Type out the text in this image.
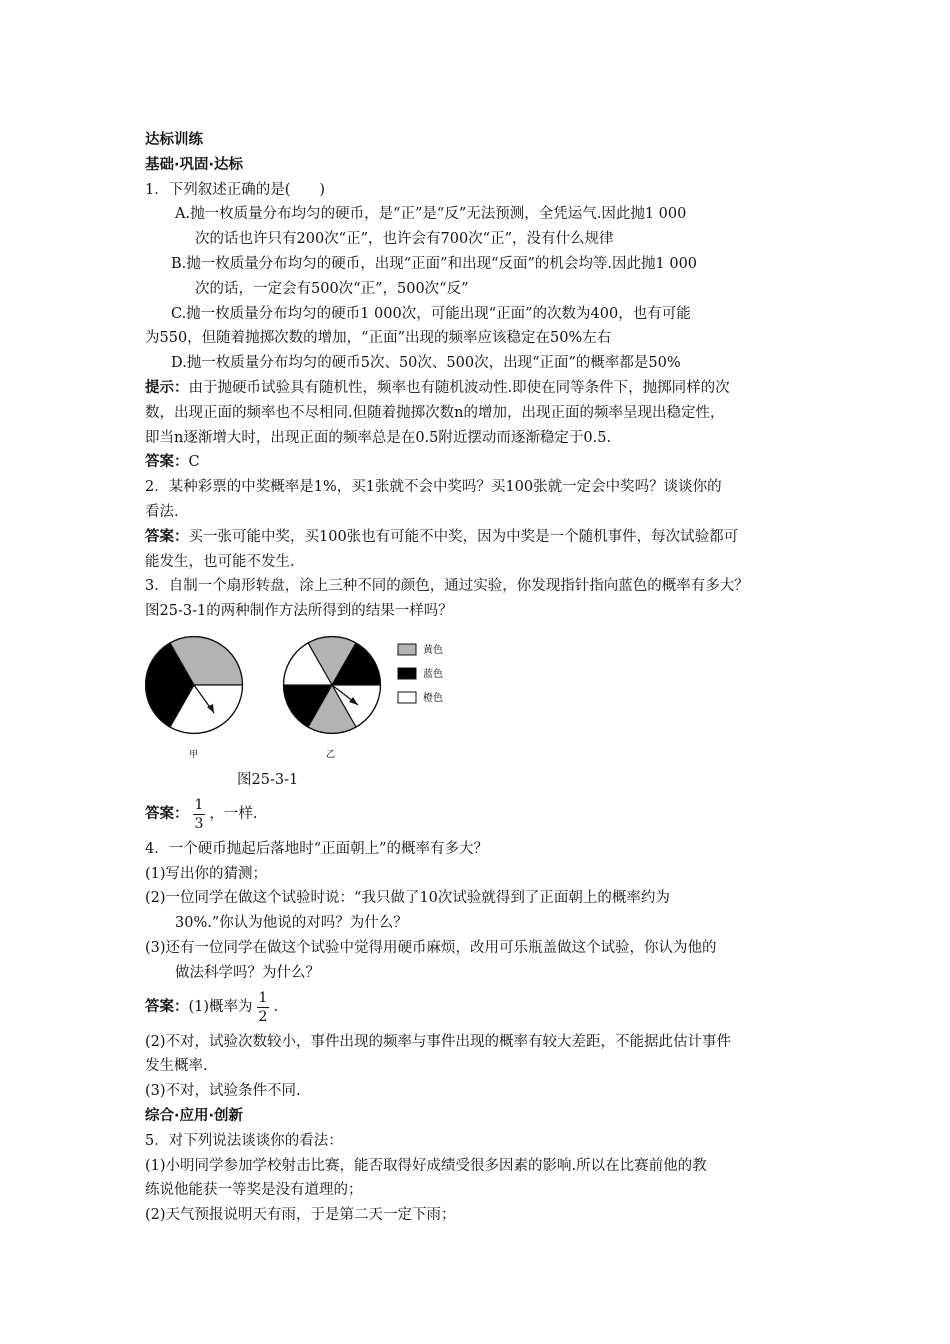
达标训练
基础·巩固·达标
1．下列叙述正确的是(　　)
A.抛一枚质量分布均匀的硬币，是“正”是“反”无法预测，全凭运气.因此抛1 000
次的话也许只有200次“正”，也许会有700次“正”，没有什么规律
B.抛一枚质量分布均匀的硬币，出现“正面”和出现“反面”的机会均等.因此抛1 000
次的话，一定会有500次“正”，500次“反”
C.抛一枚质量分布均匀的硬币1 000次，可能出现“正面”的次数为400，也有可能
为550，但随着抛掷次数的增加，“正面”出现的频率应该稳定在50%左右
D.抛一枚质量分布均匀的硬币5次、50次、500次，出现“正面”的概率都是50%
提示：由于抛硬币试验具有随机性，频率也有随机波动性.即使在同等条件下，抛掷同样的次
数，出现正面的频率也不尽相同.但随着抛掷次数n的增加，出现正面的频率呈现出稳定性，
即当n逐渐增大时，出现正面的频率总是在0.5附近摆动而逐渐稳定于0.5.
答案：C
2．某种彩票的中奖概率是1%，买1张就不会中奖吗？买100张就一定会中奖吗？谈谈你的
看法.
答案：买一张可能中奖，买100张也有可能不中奖，因为中奖是一个随机事件，每次试验都可
能发生，也可能不发生.
3．自制一个扇形转盘，涂上三种不同的颜色，通过实验，你发现指针指向蓝色的概率有多大？
图25-3-1的两种制作方法所得到的结果一样吗？
甲	乙
黄色
蓝色
橙色
图25-3-1
答案： $\frac{1}{3}$ ，一样.
4．一个硬币抛起后落地时“正面朝上”的概率有多大？
(1)写出你的猜测；
(2)一位同学在做这个试验时说：“我只做了10次试验就得到了正面朝上的概率约为
30%.”你认为他说的对吗？为什么？
(3)还有一位同学在做这个试验中觉得用硬币麻烦，改用可乐瓶盖做这个试验，你认为他的
做法科学吗？为什么？
答案： (1)概率为 $\frac{1}{2}$ .
(2)不对，试验次数较小，事件出现的频率与事件出现的概率有较大差距，不能据此估计事件
发生概率.
(3)不对，试验条件不同.
综合·应用·创新
5．对下列说法谈谈你的看法：
(1)小明同学参加学校射击比赛，能否取得好成绩受很多因素的影响.所以在比赛前他的教
练说他能获一等奖是没有道理的；
(2)天气预报说明天有雨，于是第二天一定下雨；
